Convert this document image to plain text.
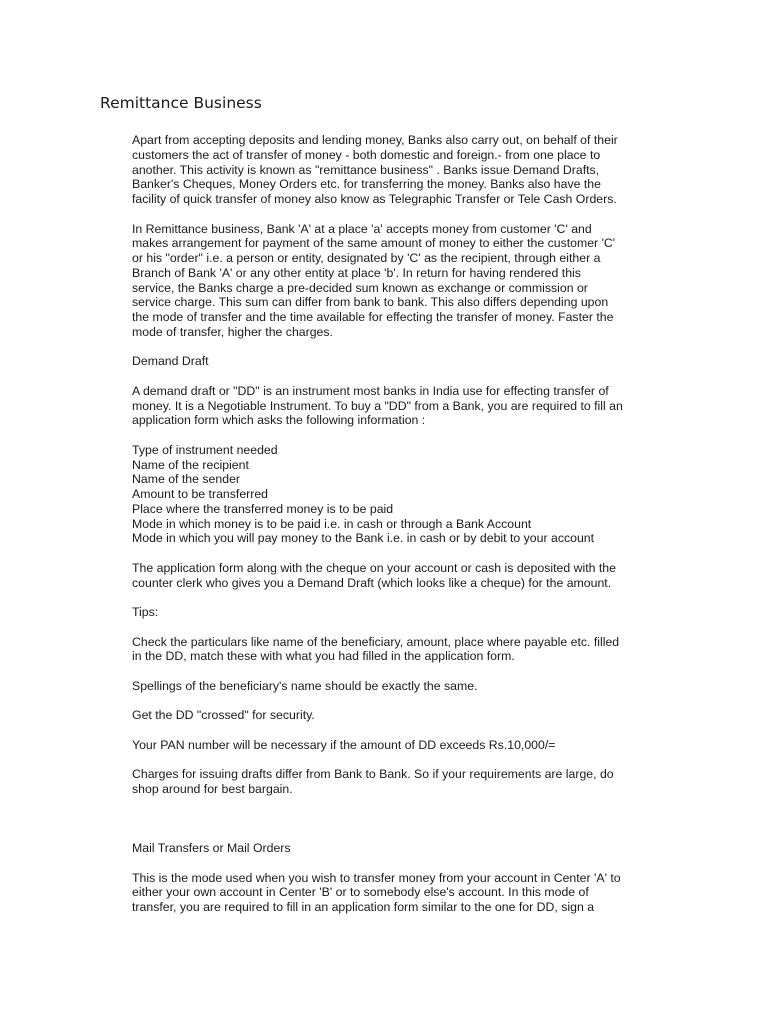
Remittance Business
Apart from accepting deposits and lending money, Banks also carry out, on behalf of their
customers the act of transfer of money - both domestic and foreign.- from one place to
another. This activity is known as "remittance business" . Banks issue Demand Drafts,
Banker's Cheques, Money Orders etc. for transferring the money. Banks also have the
facility of quick transfer of money also know as Telegraphic Transfer or Tele Cash Orders.
In Remittance business, Bank 'A' at a place 'a' accepts money from customer 'C' and
makes arrangement for payment of the same amount of money to either the customer 'C'
or his "order" i.e. a person or entity, designated by 'C' as the recipient, through either a
Branch of Bank 'A' or any other entity at place 'b'. In return for having rendered this
service, the Banks charge a pre-decided sum known as exchange or commission or
service charge. This sum can differ from bank to bank. This also differs depending upon
the mode of transfer and the time available for effecting the transfer of money. Faster the
mode of transfer, higher the charges.
Demand Draft
A demand draft or "DD" is an instrument most banks in India use for effecting transfer of
money. It is a Negotiable Instrument. To buy a "DD" from a Bank, you are required to fill an
application form which asks the following information :
Type of instrument needed
Name of the recipient
Name of the sender
Amount to be transferred
Place where the transferred money is to be paid
Mode in which money is to be paid i.e. in cash or through a Bank Account
Mode in which you will pay money to the Bank i.e. in cash or by debit to your account
The application form along with the cheque on your account or cash is deposited with the
counter clerk who gives you a Demand Draft (which looks like a cheque) for the amount.
Tips:
Check the particulars like name of the beneficiary, amount, place where payable etc. filled
in the DD, match these with what you had filled in the application form.
Spellings of the beneficiary's name should be exactly the same.
Get the DD "crossed" for security.
Your PAN number will be necessary if the amount of DD exceeds Rs.10,000/=
Charges for issuing drafts differ from Bank to Bank. So if your requirements are large, do
shop around for best bargain.
Mail Transfers or Mail Orders
This is the mode used when you wish to transfer money from your account in Center 'A' to
either your own account in Center 'B' or to somebody else's account. In this mode of
transfer, you are required to fill in an application form similar to the one for DD, sign a
